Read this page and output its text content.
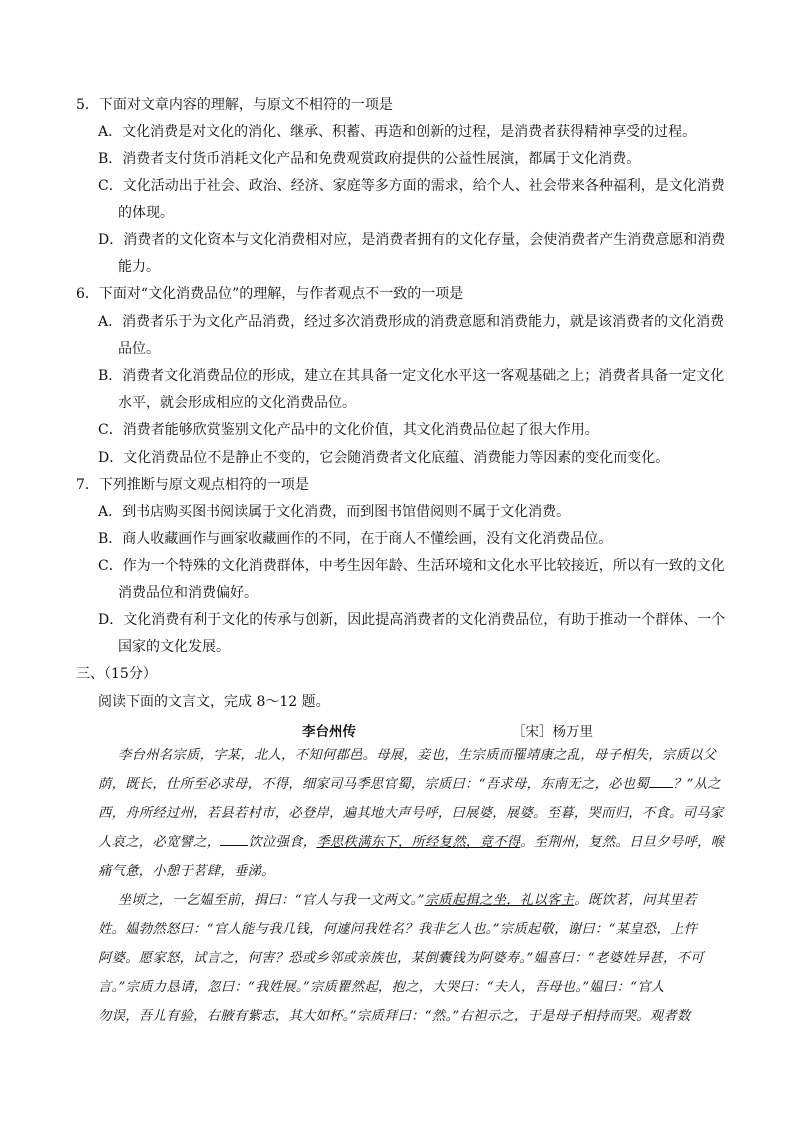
5．下面对文章内容的理解，与原文不相符的一项是
A．文化消费是对文化的消化、继承、积蓄、再造和创新的过程，是消费者获得精神享受的过程。
B．消费者支付货币消耗文化产品和免费观赏政府提供的公益性展演，都属于文化消费。
C．文化活动出于社会、政治、经济、家庭等多方面的需求，给个人、社会带来各种福利，是文化消费
的体现。
D．消费者的文化资本与文化消费相对应，是消费者拥有的文化存量，会使消费者产生消费意愿和消费
能力。
6．下面对“文化消费品位”的理解，与作者观点不一致的一项是
A．消费者乐于为文化产品消费，经过多次消费形成的消费意愿和消费能力，就是该消费者的文化消费
品位。
B．消费者文化消费品位的形成，建立在其具备一定文化水平这一客观基础之上；消费者具备一定文化
水平，就会形成相应的文化消费品位。
C．消费者能够欣赏鉴别文化产品中的文化价值，其文化消费品位起了很大作用。
D．文化消费品位不是静止不变的，它会随消费者文化底蕴、消费能力等因素的变化而变化。
7．下列推断与原文观点相符的一项是
A．到书店购买图书阅读属于文化消费，而到图书馆借阅则不属于文化消费。
B．商人收藏画作与画家收藏画作的不同，在于商人不懂绘画，没有文化消费品位。
C．作为一个特殊的文化消费群体，中考生因年龄、生活环境和文化水平比较接近，所以有一致的文化
消费品位和消费偏好。
D．文化消费有利于文化的传承与创新，因此提高消费者的文化消费品位，有助于推动一个群体、一个
国家的文化发展。
三、（15分）
阅读下面的文言文，完成 8～12 题。
李台州传	［宋］杨万里
李台州名宗质，字某，北人，不知何郡邑。母展，妾也，生宗质而罹靖康之乱，母子相失，宗质以父
荫，既长，仕所至必求母，不得，细家司马季思官蜀，宗质曰：“吾求母，东南无之，必也蜀 ？”从之
西，舟所经过州，若县若村市，必登岸，遍其地大声号呼，曰展婆，展婆。至暮，哭而归，不食。司马家
人哀之，必宽譬之， 饮泣强食，季思秩满东下，所经复然，竟不得。至荆州，复然。日旦夕号呼，喉
痛气惫，小憩于茗肆，垂涕。
坐顷之，一乞媪至前，揖曰：“官人与我一文两文。”宗质起揖之坐，礼以客主。既饮茗，问其里若
姓。媪勃然怒曰：“官人能与我几钱，何遽问我姓名？我非乞人也。”宗质起敬，谢曰：“某皇恐，上忤
阿婆。愿家怒，试言之，何害？恐或乡邻或亲族也，某倒囊钱为阿婆寿。”媪喜曰：“老婆姓异甚，不可
言。”宗质力恳请，忽曰：“我姓展。”宗质瞿然起，抱之，大哭曰：“夫人，吾母也。”媪曰：“官人
勿误，吾儿有验，右腋有紫志，其大如杯。”宗质拜曰：“然。”右袒示之，于是母子相持而哭。观者数
